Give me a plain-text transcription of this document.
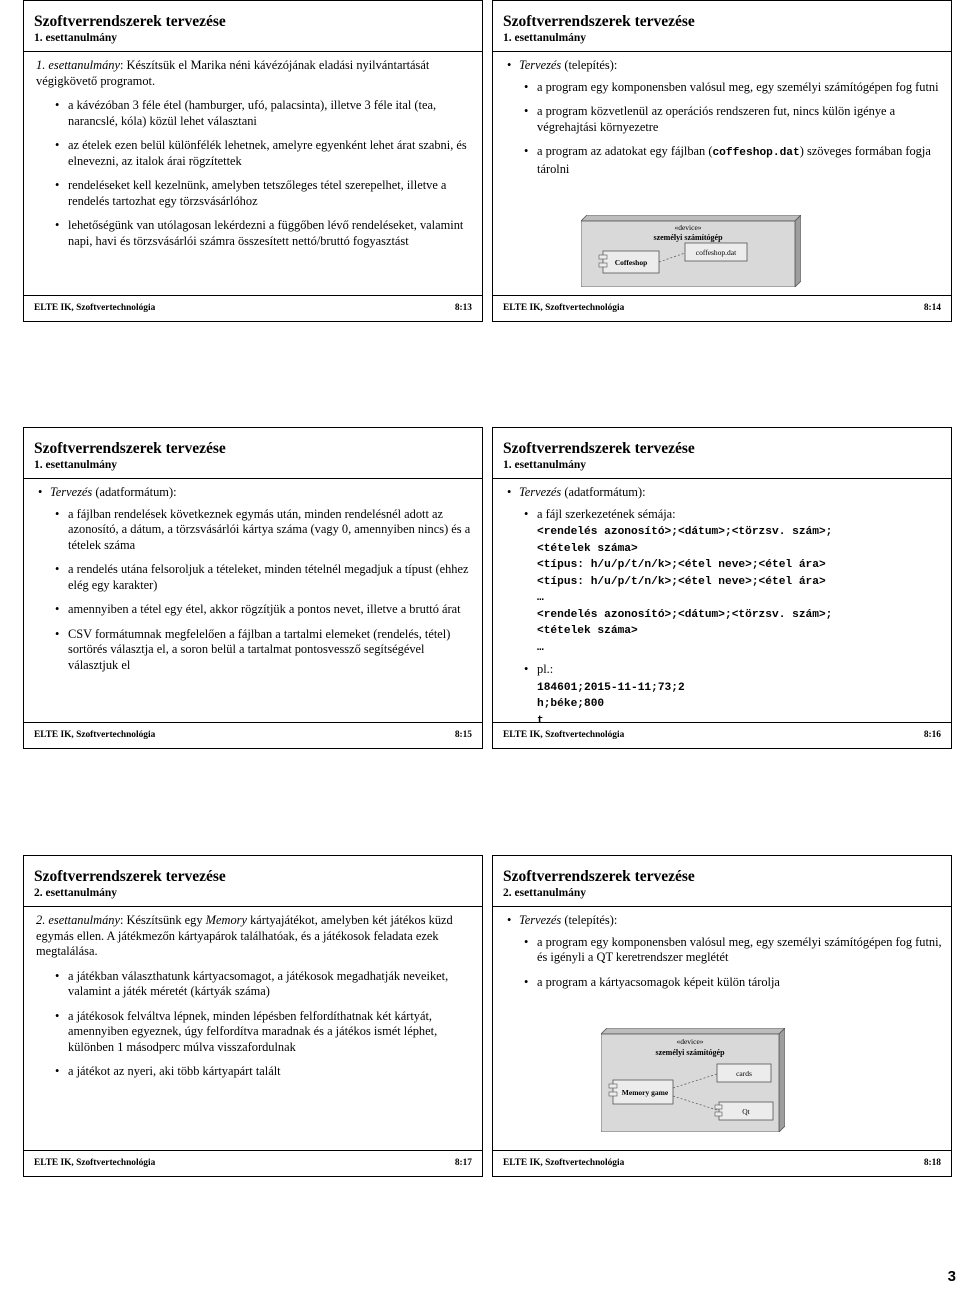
Szoftverrendszerek tervezése
1. esettanulmány
1. esettanulmány: Készítsük el Marika néni kávézójának eladási nyilvántartását végigkövető programot.
• a kávézóban 3 féle étel (hamburger, ufó, palacsinta), illetve 3 féle ital (tea, narancslé, kóla) közül lehet választani
• az ételek ezen belül különfélék lehetnek, amelyre egyenként lehet árat szabni, és elnevezni, az italok árai rögzítettek
• rendeléseket kell kezelnünk, amelyben tetszőleges tétel szerepelhet, illetve a rendelés tartozhat egy törzsvásárlóhoz
• lehetőségünk van utólagosan lekérdezni a függőben lévő rendeléseket, valamint napi, havi és törzsvásárlói számra összesített nettó/bruttó fogyasztást
ELTE IK, Szoftvertechnológia	8:13
Szoftverrendszerek tervezése
1. esettanulmány
• Tervezés (telepítés):
• a program egy komponensben valósul meg, egy személyi számítógépen fog futni
• a program közvetlenül az operációs rendszeren fut, nincs külön igénye a végrehajtási környezetre
• a program az adatokat egy fájlban (coffeshop.dat) szöveges formában fogja tárolni
«device»
személyi számítógép
Coffeshop
coffeshop.dat
ELTE IK, Szoftvertechnológia	8:14
Szoftverrendszerek tervezése
1. esettanulmány
• Tervezés (adatformátum):
• a fájlban rendelések következnek egymás után, minden rendelésnél adott az azonosító, a dátum, a törzsvásárlói kártya száma (vagy 0, amennyiben nincs) és a tételek száma
• a rendelés utána felsoroljuk a tételeket, minden tételnél megadjuk a típust (ehhez elég egy karakter)
• amennyiben a tétel egy étel, akkor rögzítjük a pontos nevet, illetve a bruttó árat
• CSV formátumnak megfelelően a fájlban a tartalmi elemeket (rendelés, tétel) sortörés választja el, a soron belül a tartalmat pontosvessző segítségével választjuk el
ELTE IK, Szoftvertechnológia	8:15
Szoftverrendszerek tervezése
1. esettanulmány
• Tervezés (adatformátum):
• a fájl szerkezetének sémája:
<rendelés azonosító>;<dátum>;<törzsv. szám>;
<tételek száma>
<típus: h/u/p/t/n/k>;<étel neve>;<étel ára>
<típus: h/u/p/t/n/k>;<étel neve>;<étel ára>
…
<rendelés azonosító>;<dátum>;<törzsv. szám>;
<tételek száma>
…
• pl.:
184601;2015-11-11;73;2
h;béke;800
t
ELTE IK, Szoftvertechnológia	8:16
Szoftverrendszerek tervezése
2. esettanulmány
2. esettanulmány: Készítsünk egy Memory kártyajátékot, amelyben két játékos küzd egymás ellen. A játékmezőn kártyapárok találhatóak, és a játékosok feladata ezek megtalálása.
• a játékban választhatunk kártyacsomagot, a játékosok megadhatják neveiket, valamint a játék méretét (kártyák száma)
• a játékosok felváltva lépnek, minden lépésben felfordíthatnak két kártyát, amennyiben egyeznek, úgy felfordítva maradnak és a játékos ismét léphet, különben 1 másodperc múlva visszafordulnak
• a játékot az nyeri, aki több kártyapárt talált
ELTE IK, Szoftvertechnológia	8:17
Szoftverrendszerek tervezése
2. esettanulmány
• Tervezés (telepítés):
• a program egy komponensben valósul meg, egy személyi számítógépen fog futni, és igényli a QT keretrendszer meglétét
• a program a kártyacsomagok képeit külön tárolja
«device»
személyi számítógép
Memory game
cards
Qt
ELTE IK, Szoftvertechnológia	8:18
3
